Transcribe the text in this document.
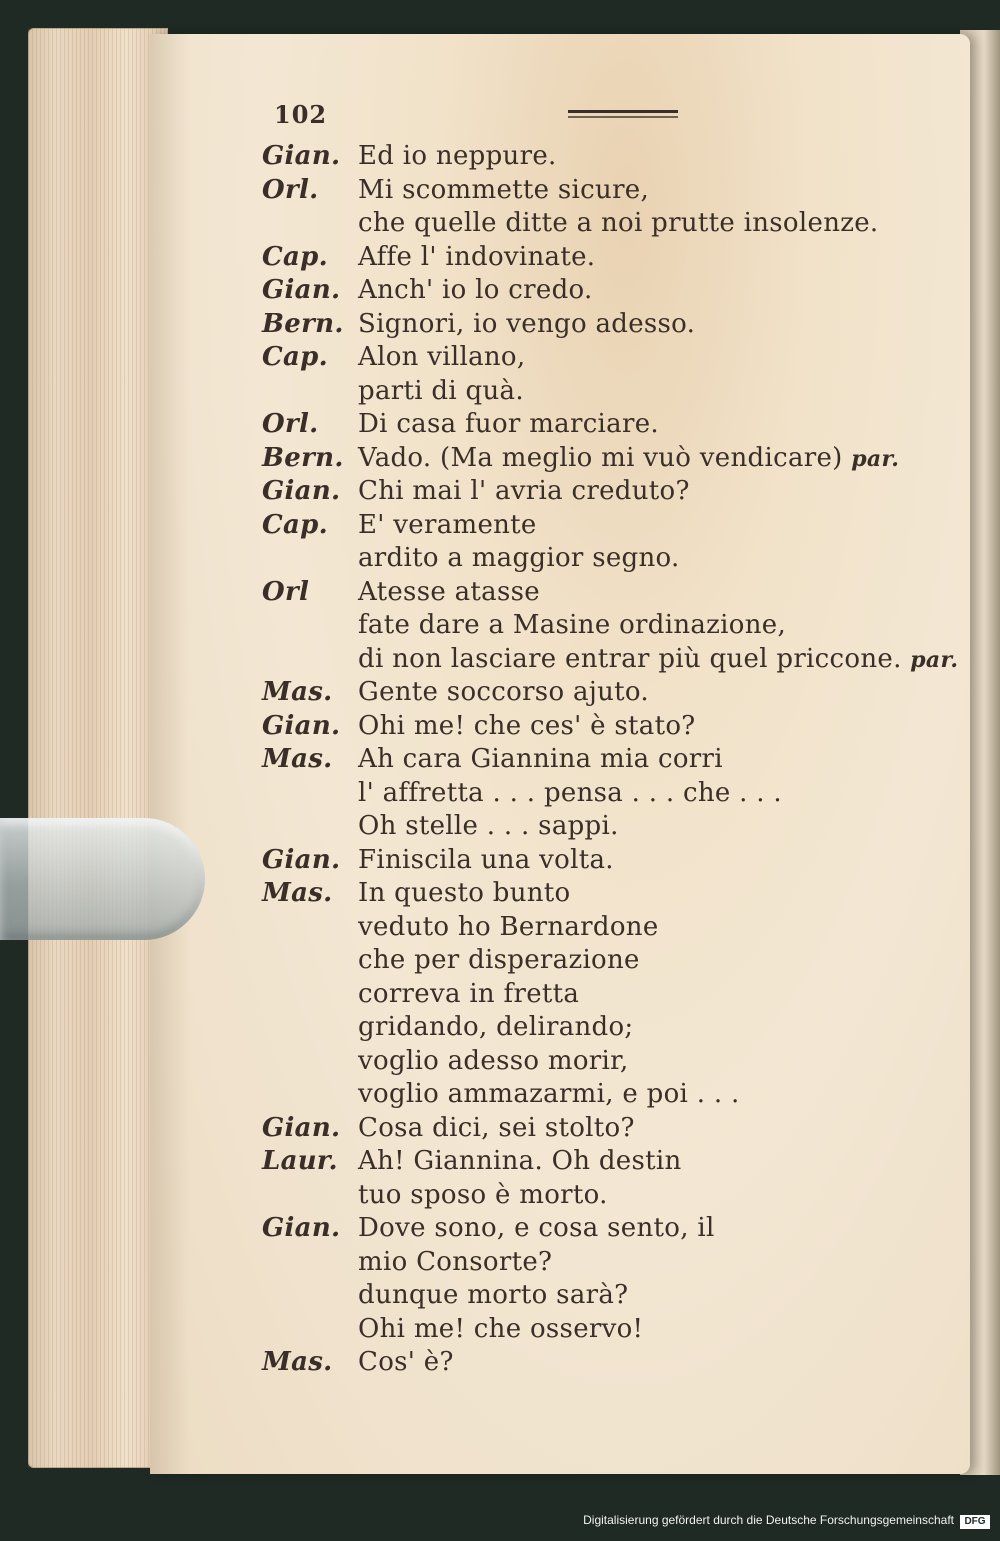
102
Gian. Ed io neppure.
Orl. Mi scommette sicure,
che quelle ditte a noi prutte insolenze.
Cap. Affe l' indovinate.
Gian. Anch' io lo credo.
Bern. Signori, io vengo adesso.
Cap. Alon villano,
parti di quà.
Orl. Di casa fuor marciare.
Bern. Vado. (Ma meglio mi vuò vendicare) par.
Gian. Chi mai l' avria creduto?
Cap. E' veramente
ardito a maggior segno.
Orl Atesse atasse
fate dare a Masine ordinazione,
di non lasciare entrar più quel priccone. par.
Mas. Gente soccorso ajuto.
Gian. Ohi me! che ces' è stato?
Mas. Ah cara Giannina mia corri
l' affretta . . . pensa . . . che . . .
Oh stelle . . . sappi.
Gian. Finiscila una volta.
Mas. In questo bunto
veduto ho Bernardone
che per disperazione
correva in fretta
gridando, delirando;
voglio adesso morir,
voglio ammazarmi, e poi . . .
Gian. Cosa dici, sei stolto?
Laur. Ah! Giannina. Oh destin
tuo sposo è morto.
Gian. Dove sono, e cosa sento, il
mio Consorte?
dunque morto sarà?
Ohi me! che osservo!
Mas. Cos' è?
Digitalisierung gefördert durch die Deutsche Forschungsgemeinschaft	DFG
